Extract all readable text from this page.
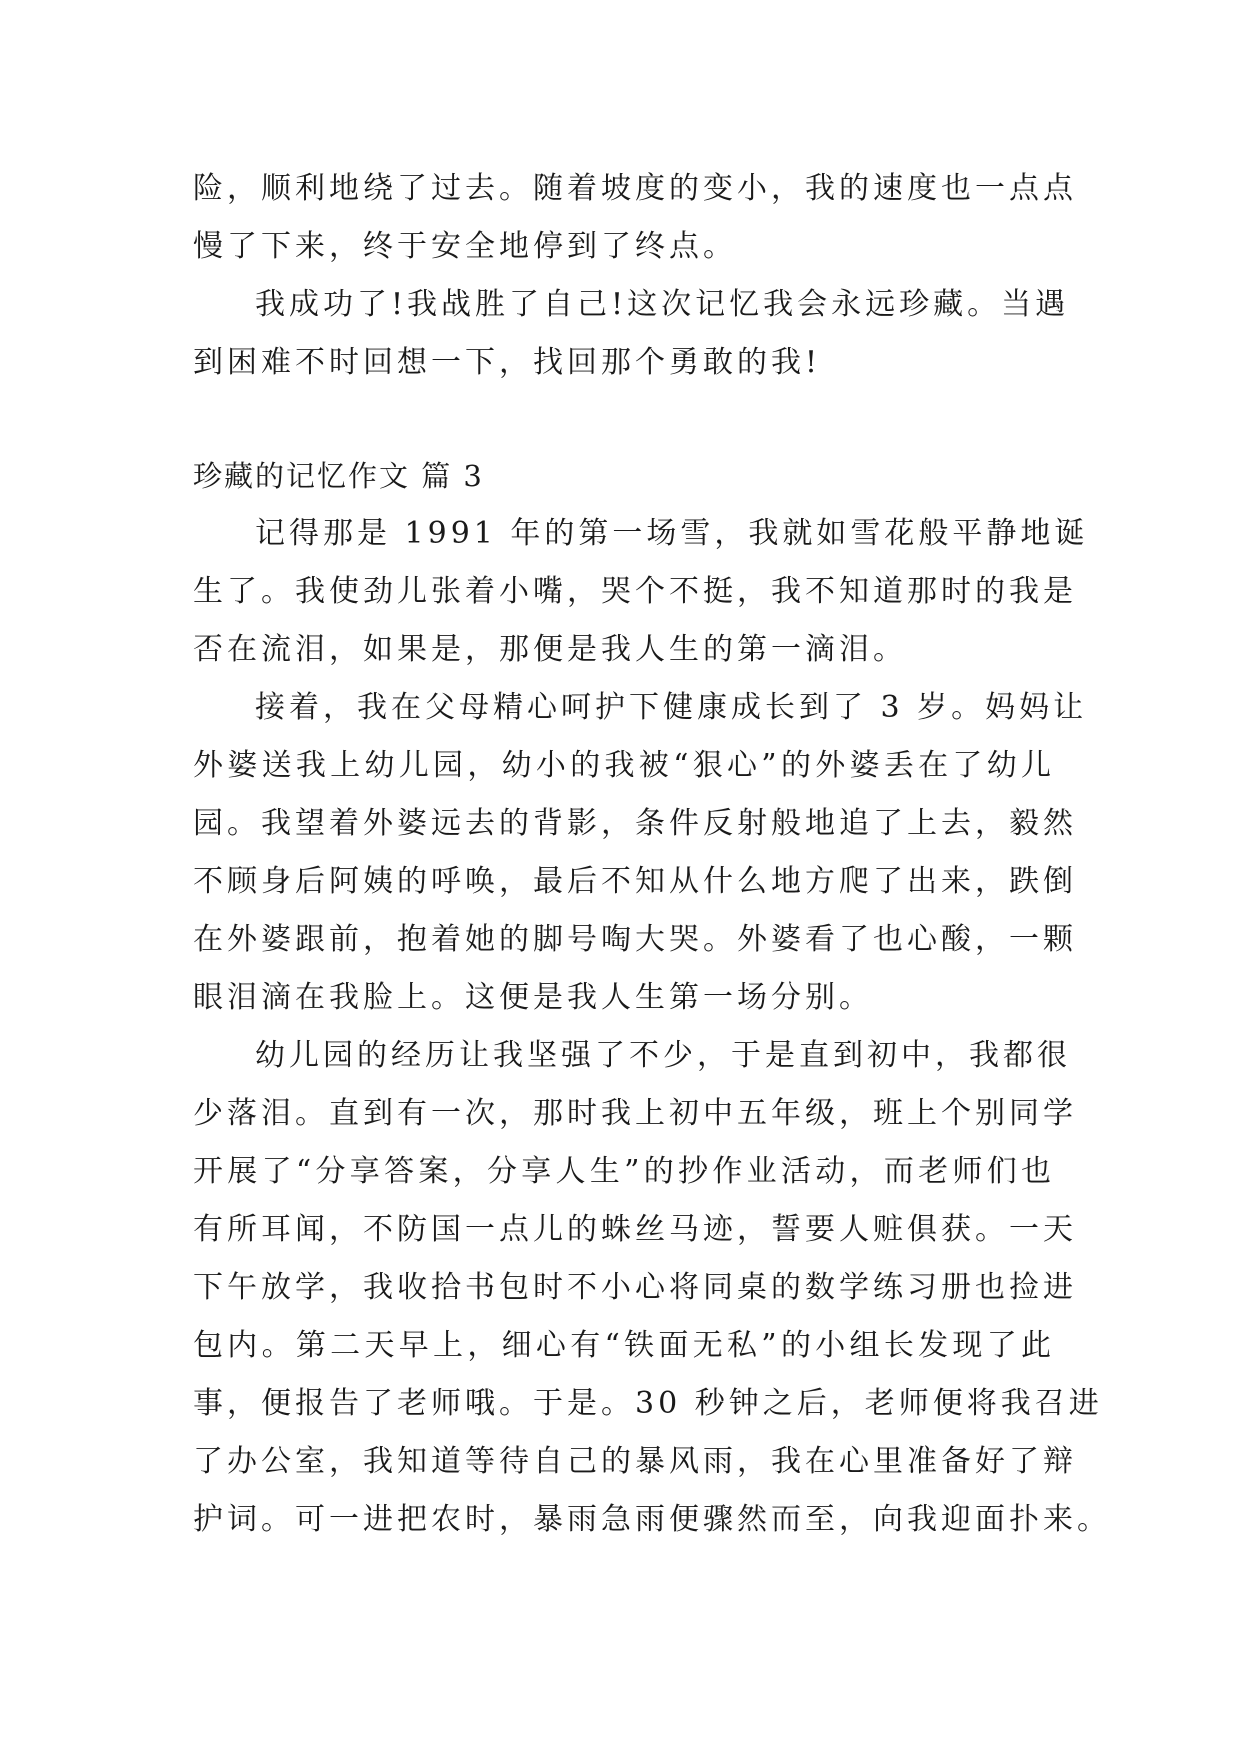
险，顺利地绕了过去。随着坡度的变小，我的速度也一点点
慢了下来，终于安全地停到了终点。
我成功了!我战胜了自己!这次记忆我会永远珍藏。当遇
到困难不时回想一下，找回那个勇敢的我!
珍藏的记忆作文 篇 3
记得那是 1991 年的第一场雪，我就如雪花般平静地诞
生了。我使劲儿张着小嘴，哭个不挺，我不知道那时的我是
否在流泪，如果是，那便是我人生的第一滴泪。
接着，我在父母精心呵护下健康成长到了 3 岁。妈妈让
外婆送我上幼儿园，幼小的我被“狠心”的外婆丢在了幼儿
园。我望着外婆远去的背影，条件反射般地追了上去，毅然
不顾身后阿姨的呼唤，最后不知从什么地方爬了出来，跌倒
在外婆跟前，抱着她的脚号啕大哭。外婆看了也心酸，一颗
眼泪滴在我脸上。这便是我人生第一场分别。
幼儿园的经历让我坚强了不少，于是直到初中，我都很
少落泪。直到有一次，那时我上初中五年级，班上个别同学
开展了“分享答案，分享人生”的抄作业活动，而老师们也
有所耳闻，不防国一点儿的蛛丝马迹，誓要人赃俱获。一天
下午放学，我收拾书包时不小心将同桌的数学练习册也捡进
包内。第二天早上，细心有“铁面无私”的小组长发现了此
事，便报告了老师哦。于是。30 秒钟之后，老师便将我召进
了办公室，我知道等待自己的暴风雨，我在心里准备好了辩
护词。可一进把农时，暴雨急雨便骤然而至，向我迎面扑来。
